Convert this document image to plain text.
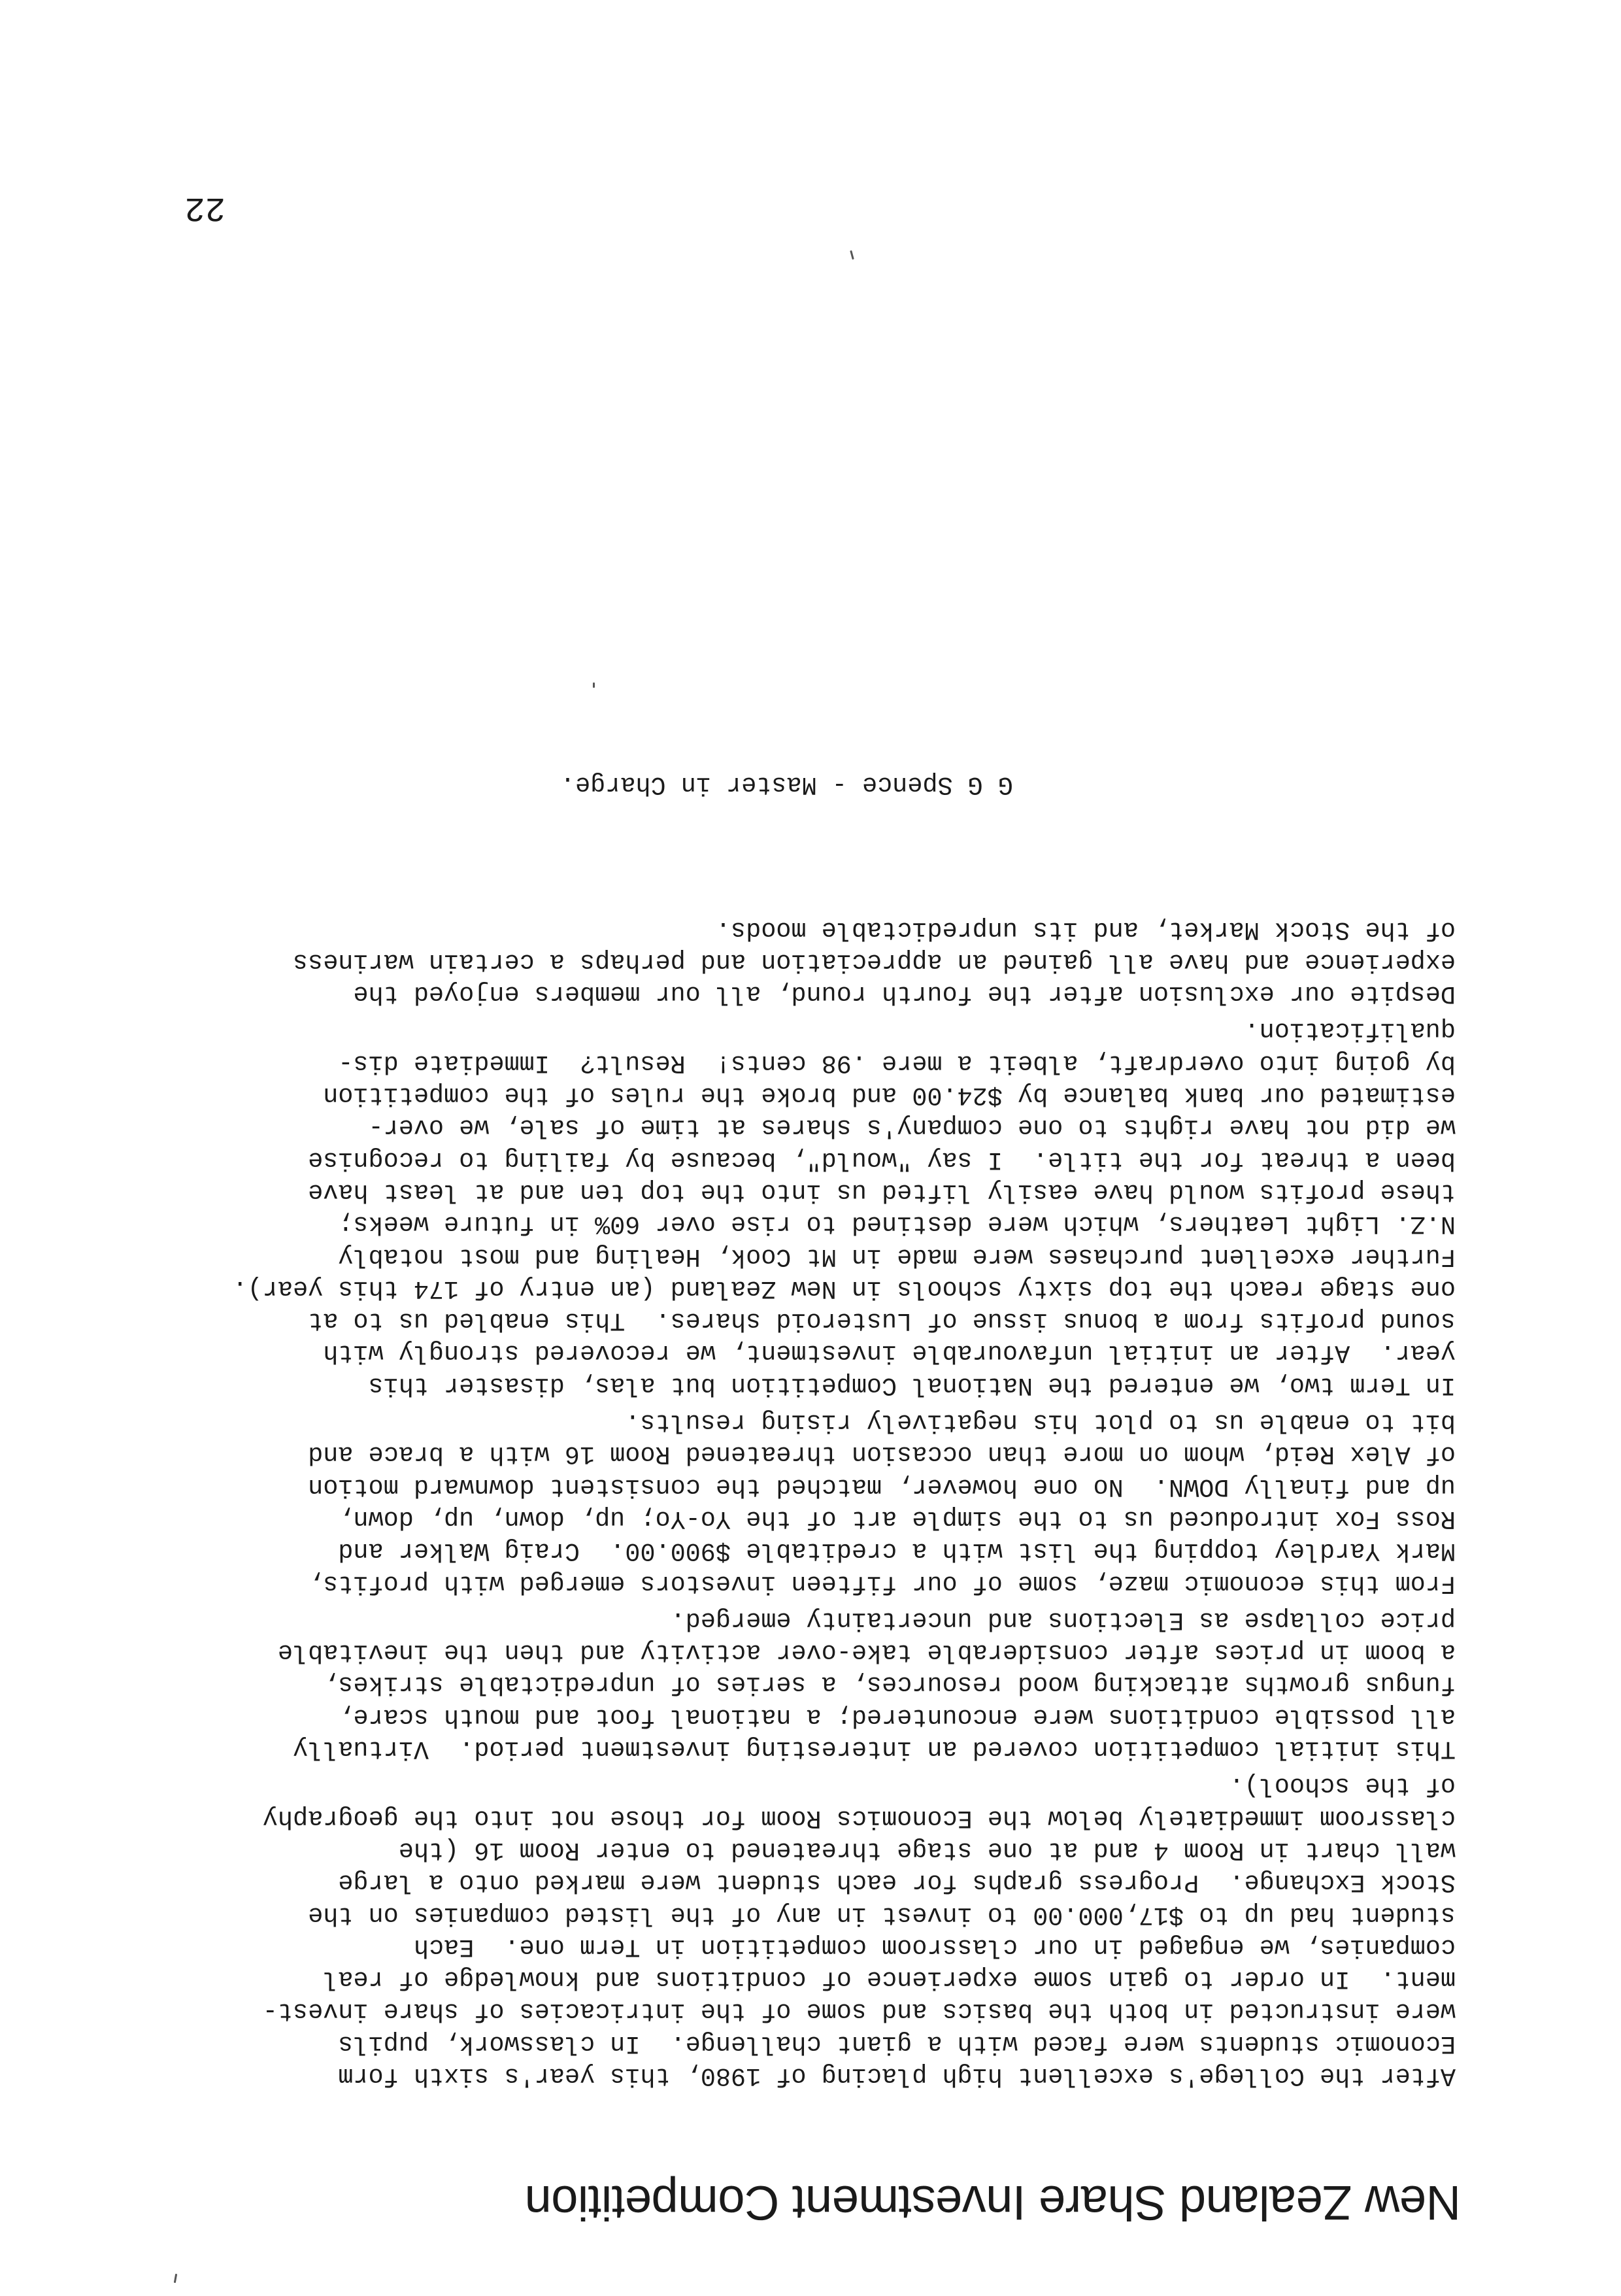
22
New Zealand Share Investment Competition
After the College's excellent high placing of 1980, this year's sixth form
Economic students were faced with a giant challenge.  In classwork, pupils
were instructed in both the basics and some of the intricacies of share invest-
ment.  In order to gain some experience of conditions and knowledge of real
companies, we engaged in our classroom competition in Term one.  Each
student had up to $17,000.00 to invest in any of the listed companies on the
Stock Exchange.  Progress graphs for each student were marked onto a large
wall chart in Room 4 and at one stage threatened to enter Room 16 (the
classroom immediately below the Economics Room for those not into the geography
of the school).
This initial competition covered an interesting investment period.  Virtually
all possible conditions were encountered; a national foot and mouth scare,
fungus growths attacking wood resources, a series of unpredictable strikes,
a boom in prices after considerable take-over activity and then the inevitable
price collapse as Elections and uncertainty emerged.
From this economic maze, some of our fifteen investors emerged with profits,
Mark Yardley topping the list with a creditable $900.00.  Craig Walker and
Ross Fox introduced us to the simple art of the Yo-Yo; up, down, up, down,
up and finally DOWN.  No one however, matched the consistent downward motion
of Alex Reid, whom on more than occasion threatened Room 16 with a brace and
bit to enable us to plot his negatively rising results.
In Term two, we entered the National Competition but alas, disaster this
year.  After an initial unfavourable investment, we recovered strongly with
sound profits from a bonus issue of Lusteroid shares.  This enabled us to at
one stage reach the top sixty schools in New Zealand (an entry of 174 this year).
Further excellent purchases were made in Mt Cook, Healing and most notably
N.Z. Light Leathers, which were destined to rise over 60% in future weeks;
these profits would have easily lifted us into the top ten and at least have
been a threat for the title.  I say "would", because by failing to recognise
we did not have rights to one company's shares at time of sale, we over-
estimated our bank balance by $24.00 and broke the rules of the competition
by going into overdraft, albeit a mere .98 cents!  Result?  Immediate dis-
qualification.
Despite our exclusion after the fourth round, all our members enjoyed the
experience and have all gained an appreciation and perhaps a certain wariness
of the Stock Market, and its unpredictable moods.
G G Spence - Master in Charge.
